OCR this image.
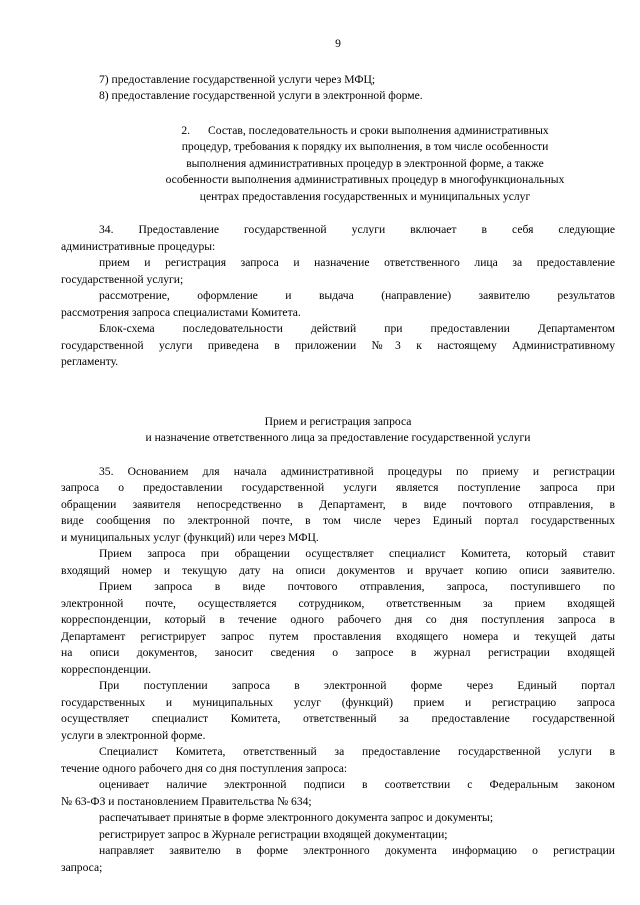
9

7) предоставление государственной услуги через МФЦ;

8) предоставление государственной услуги в электронной форме.

2. Состав, последовательность и сроки выполнения административных

процедур, требования к порядку их выполнения, в том числе особенности

выполнения административных процедур в электронной форме, а также

особенности выполнения административных процедур в многофункциональных

центрах предоставления государственных и муниципальных услуг

34. Предоставление государственной услуги включает в себя следующие

административные процедуры:

прием и регистрация запроса и назначение ответственного лица за предоставление

государственной услуги;

рассмотрение, оформление и выдача (направление) заявителю результатов

рассмотрения запроса специалистами Комитета.

Блок-схема последовательности действий при предоставлении Департаментом

государственной услуги приведена в приложении №3 к настоящему Административному

регламенту.

Прием и регистрация запроса

и назначение ответственного лица за предоставление государственной услуги

35. Основанием для начала административной процедуры по приему и регистрации

запроса о предоставлении государственной услуги является поступление запроса при

обращении заявителя непосредственно в Департамент, в виде почтового отправления, в

виде сообщения по электронной почте, в том числе через Единый портал государственных

и муниципальных услуг (функций) или через МФЦ.

Прием запроса при обращении осуществляет специалист Комитета, который ставит

входящий номер и текущую дату на описи документов и вручает копию описи заявителю.

Прием запроса в виде почтового отправления, запроса, поступившего по

электронной почте, осуществляется сотрудником, ответственным за прием входящей

корреспонденции, который в течение одного рабочего дня со дня поступления запроса в

Департамент регистрирует запрос путем проставления входящего номера и текущей даты

на описи документов, заносит сведения о запросе в журнал регистрации входящей

корреспонденции.

При поступлении запроса в электронной форме через Единый портал

государственных и муниципальных услуг (функций) прием и регистрацию запроса

осуществляет специалист Комитета, ответственный за предоставление государственной

услуги в электронной форме.

Специалист Комитета, ответственный за предоставление государственной услуги в

течение одного рабочего дня со дня поступления запроса:

оценивает наличие электронной подписи в соответствии с Федеральным законом

№ 63-ФЗ и постановлением Правительства № 634;

распечатывает принятые в форме электронного документа запрос и документы;

регистрирует запрос в Журнале регистрации входящей документации;

направляет заявителю в форме электронного документа информацию о регистрации

запроса;
